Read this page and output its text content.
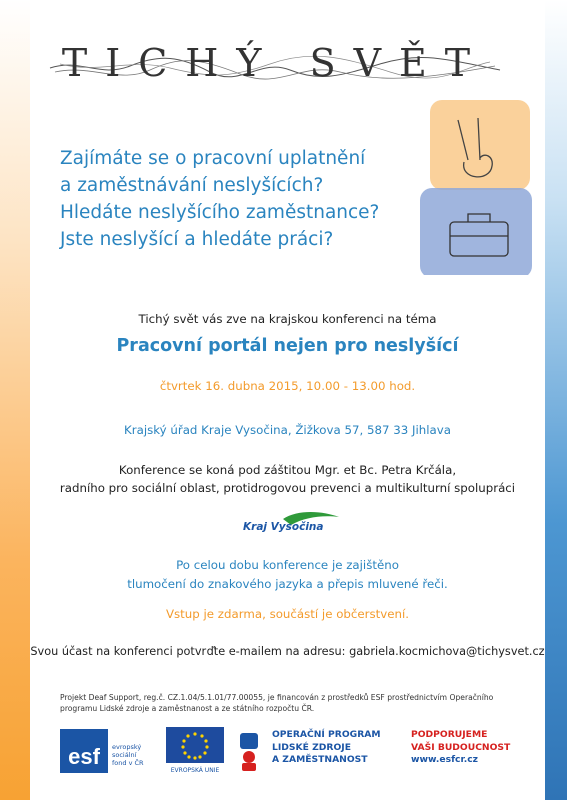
TICHÝ SVĚT
Zajímáte se o pracovní uplatnění
a zaměstnávání neslyšících?
Hledáte neslyšícího zaměstnance?
Jste neslyšící a hledáte práci?
Tichý svět vás zve na krajskou konferenci na téma
Pracovní portál nejen pro neslyšící
čtvrtek 16. dubna 2015, 10.00 - 13.00 hod.
Krajský úřad Kraje Vysočina, Žižkova 57, 587 33 Jihlava
Konference se koná pod záštitou Mgr. et Bc. Petra Krčála,
radního pro sociální oblast, protidrogovou prevenci a multikulturní spolupráci
Kraj Vysočina
Po celou dobu konference je zajištěno
tlumočení do znakového jazyka a přepis mluvené řeči.
Vstup je zdarma, součástí je občerstvení.
Svou účast na konferenci potvrďte e-mailem na adresu: gabriela.kocmichova@tichysvet.cz
Projekt Deaf Support, reg.č. CZ.1.04/5.1.01/77.00055, je financován z prostředků ESF prostřednictvím Operačního
programu Lidské zdroje a zaměstnanost a ze státního rozpočtu ČR.
esf	evropský
sociální
fond v ČR
EVROPSKÁ UNIE
OPERAČNÍ PROGRAM
LIDSKÉ ZDROJE
A ZAMĚSTNANOST
PODPORUJEME
VAŠI BUDOUCNOST
www.esfcr.cz
